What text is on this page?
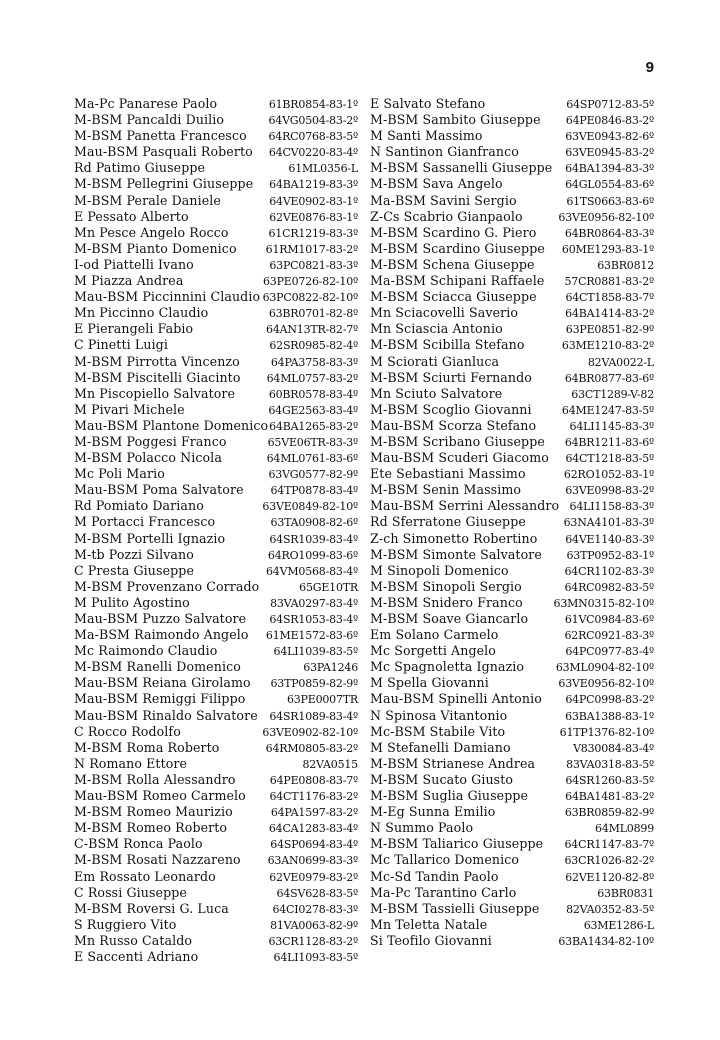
9
Ma-Pc Panarese Paolo	61BR0854-83-1º
M-BSM Pancaldi Duilio	64VG0504-83-2º
M-BSM Panetta Francesco 64RC0768-83-5º
Mau-BSM Pasquali Roberto 64CV0220-83-4º
Rd Patimo Giuseppe	61ML0356-L
M-BSM Pellegrini Giuseppe 64BA1219-83-3º
M-BSM Perale Daniele	64VE0902-83-1º
E Pessato Alberto	62VE0876-83-1º
Mn Pesce Angelo Rocco	61CR1219-83-3º
M-BSM Pianto Domenico	61RM1017-83-2º
I-od Piattelli Ivano	63PC0821-83-3º
M Piazza Andrea	63PE0726-82-10º
Mau-BSM Piccinnini Claudio 63PC0822-82-10º
Mn Piccinno Claudio	63BR0701-82-8º
E Pierangeli Fabio	64AN13TR-82-7º
C Pinetti Luigi	62SR0985-82-4º
M-BSM Pirrotta Vincenzo	64PA3758-83-3º
M-BSM Piscitelli Giacinto 64ML0757-83-2º
Mn Piscopiello Salvatore	60BR0578-83-4º
M Pivari Michele	64GE2563-83-4º
Mau-BSM Plantone Domenico 64BA1265-83-2º
M-BSM Poggesi Franco	65VE06TR-83-3º
M-BSM Polacco Nicola	64ML0761-83-6º
Mc Poli Mario	63VG0577-82-9º
Mau-BSM Poma Salvatore 64TP0878-83-4º
Rd Pomiato Dariano	63VE0849-82-10º
M Portacci Francesco	63TA0908-82-6º
M-BSM Portelli Ignazio	64SR1039-83-4º
M-tb Pozzi Silvano	64RO1099-83-6º
C Presta Giuseppe	64VM0568-83-4º
M-BSM Provenzano Corrado	65GE10TR
M Pulito Agostino	83VA0297-83-4º
Mau-BSM Puzzo Salvatore 64SR1053-83-4º
Ma-BSM Raimondo Angelo 61ME1572-83-6º
Mc Raimondo Claudio	64LI1039-83-5º
M-BSM Ranelli Domenico	63PA1246
Mau-BSM Reiana Girolamo 63TP0859-82-9º
Mau-BSM Remiggi Filippo	63PE0007TR
Mau-BSM Rinaldo Salvatore 64SR1089-83-4º
C Rocco Rodolfo	63VE0902-82-10º
M-BSM Roma Roberto	64RM0805-83-2º
N Romano Ettore	82VA0515
M-BSM Rolla Alessandro	64PE0808-83-7º
Mau-BSM Romeo Carmelo 64CT1176-83-2º
M-BSM Romeo Maurizio	64PA1597-83-2º
M-BSM Romeo Roberto	64CA1283-83-4º
C-BSM Ronca Paolo	64SP0694-83-4º
M-BSM Rosati Nazzareno 63AN0699-83-3º
Em Rossato Leonardo	62VE0979-83-2º
C Rossi Giuseppe	64SV628-83-5º
M-BSM Roversi G. Luca	64CI0278-83-3º
S Ruggiero Vito	81VA0063-82-9º
Mn Russo Cataldo	63CR1128-83-2º
E Saccenti Adriano	64LI1093-83-5º
E Salvato Stefano	64SP0712-83-5º
M-BSM Sambito Giuseppe 64PE0846-83-2º
M Santi Massimo	63VE0943-82-6º
N Santinon Gianfranco	63VE0945-83-2º
M-BSM Sassanelli Giuseppe 64BA1394-83-3º
M-BSM Sava Angelo	64GL0554-83-6º
Ma-BSM Savini Sergio	61TS0663-83-6º
Z-Cs Scabrio Gianpaolo	63VE0956-82-10º
M-BSM Scardino G. Piero	64BR0864-83-3º
M-BSM Scardino Giuseppe 60ME1293-83-1º
M-BSM Schena Giuseppe	63BR0812
Ma-BSM Schipani Raffaele 57CR0881-83-2º
M-BSM Sciacca Giuseppe	64CT1858-83-7º
Mn Sciacovelli Saverio	64BA1414-83-2º
Mn Sciascia Antonio	63PE0851-82-9º
M-BSM Scibilla Stefano	63ME1210-83-2º
M Sciorati Gianluca	82VA0022-L
M-BSM Sciurti Fernando	64BR0877-83-6º
Mn Sciuto Salvatore	63CT1289-V-82
M-BSM Scoglio Giovanni	64ME1247-83-5º
Mau-BSM Scorza Stefano	64LI1145-83-3º
M-BSM Scribano Giuseppe 64BR1211-83-6º
Mau-BSM Scuderi Giacomo 64CT1218-83-5º
Ete Sebastiani Massimo	62RO1052-83-1º
M-BSM Senin Massimo	63VE0998-83-2º
Mau-BSM Serrini Alessandro 64LI1158-83-3º
Rd Sferratone Giuseppe	63NA4101-83-3º
Z-ch Simonetto Robertino	64VE1140-83-3º
M-BSM Simonte Salvatore 63TP0952-83-1º
M Sinopoli Domenico	64CR1102-83-3º
M-BSM Sinopoli Sergio	64RC0982-83-5º
M-BSM Snidero Franco	63MN0315-82-10º
M-BSM Soave Giancarlo	61VC0984-83-6º
Em Solano Carmelo	62RC0921-83-3º
Mc Sorgetti Angelo	64PC0977-83-4º
Mc Spagnoletta Ignazio	63ML0904-82-10º
M Spella Giovanni	63VE0956-82-10º
Mau-BSM Spinelli Antonio 64PC0998-83-2º
N Spinosa Vitantonio	63BA1388-83-1º
Mc-BSM Stabile Vito	61TP1376-82-10º
M Stefanelli Damiano	V830084-83-4º
M-BSM Strianese Andrea	83VA0318-83-5º
M-BSM Sucato Giusto	64SR1260-83-5º
M-BSM Suglia Giuseppe	64BA1481-83-2º
M-Eg Sunna Emilio	63BR0859-82-9º
N Summo Paolo	64ML0899
M-BSM Taliarico Giuseppe 64CR1147-83-7º
Mc Tallarico Domenico	63CR1026-82-2º
Mc-Sd Tandin Paolo	62VE1120-82-8º
Ma-Pc Tarantino Carlo	63BR0831
M-BSM Tassielli Giuseppe 82VA0352-83-5º
Mn Teletta Natale	63ME1286-L
Si Teofilo Giovanni	63BA1434-82-10º
